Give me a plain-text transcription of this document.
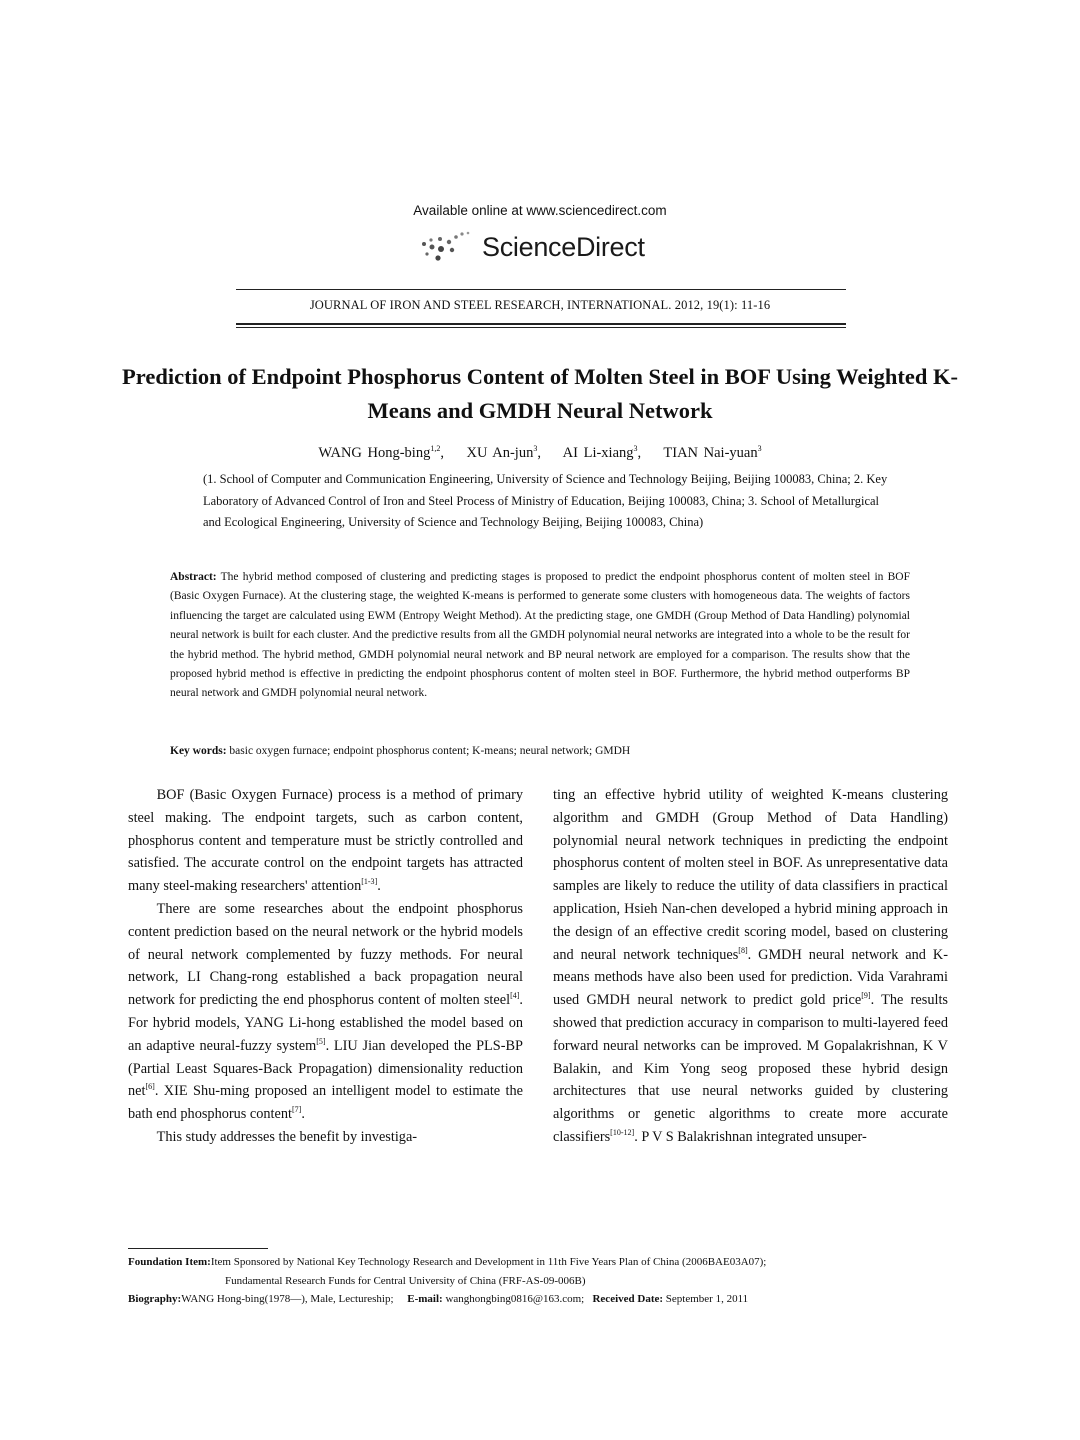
Available online at www.sciencedirect.com
ScienceDirect
JOURNAL OF IRON AND STEEL RESEARCH, INTERNATIONAL. 2012, 19(1): 11-16
Prediction of Endpoint Phosphorus Content of Molten Steel in BOF Using Weighted K-Means and GMDH Neural Network
WANG Hong-bing$^{1,2}$,    XU An-jun$^3$,    AI Li-xiang$^3$,    TIAN Nai-yuan$^3$
(1. School of Computer and Communication Engineering, University of Science and Technology Beijing, Beijing 100083, China; 2. Key Laboratory of Advanced Control of Iron and Steel Process of Ministry of Education, Beijing 100083, China; 3. School of Metallurgical and Ecological Engineering, University of Science and Technology Beijing, Beijing 100083, China)
Abstract: The hybrid method composed of clustering and predicting stages is proposed to predict the endpoint phosphorus content of molten steel in BOF (Basic Oxygen Furnace). At the clustering stage, the weighted K-means is performed to generate some clusters with homogeneous data. The weights of factors influencing the target are calculated using EWM (Entropy Weight Method). At the predicting stage, one GMDH (Group Method of Data Handling) polynomial neural network is built for each cluster. And the predictive results from all the GMDH polynomial neural networks are integrated into a whole to be the result for the hybrid method. The hybrid method, GMDH polynomial neural network and BP neural network are employed for a comparison. The results show that the proposed hybrid method is effective in predicting the endpoint phosphorus content of molten steel in BOF. Furthermore, the hybrid method outperforms BP neural network and GMDH polynomial neural network.
Key words: basic oxygen furnace; endpoint phosphorus content; K-means; neural network; GMDH

BOF (Basic Oxygen Furnace) process is a method of primary steel making. The endpoint targets, such as carbon content, phosphorus content and temperature must be strictly controlled and satisfied. The accurate control on the endpoint targets has attracted many steel-making researchers' attention[1-3].

There are some researches about the endpoint phosphorus content prediction based on the neural network or the hybrid models of neural network complemented by fuzzy methods. For neural network, LI Chang-rong established a back propagation neural network for predicting the end phosphorus content of molten steel[4]. For hybrid models, YANG Li-hong established the model based on an adaptive neural-fuzzy system[5]. LIU Jian developed the PLS-BP (Partial Least Squares-Back Propagation) dimensionality reduction net[6]. XIE Shu-ming proposed an intelligent model to estimate the bath end phosphorus content[7].

This study addresses the benefit by investiga-

ting an effective hybrid utility of weighted K-means clustering algorithm and GMDH (Group Method of Data Handling) polynomial neural network techniques in predicting the endpoint phosphorus content of molten steel in BOF. As unrepresentative data samples are likely to reduce the utility of data classifiers in practical application, Hsieh Nan-chen developed a hybrid mining approach in the design of an effective credit scoring model, based on clustering and neural network techniques[8]. GMDH neural network and K-means methods have also been used for prediction. Vida Varahrami used GMDH neural network to predict gold price[9]. The results showed that prediction accuracy in comparison to multi-layered feed forward neural networks can be improved. M Gopalakrishnan, K V Balakin, and Kim Yong seog proposed these hybrid design architectures that use neural networks guided by clustering algorithms or genetic algorithms to create more accurate classifiers[10-12]. P V S Balakrishnan integrated unsuper-

Foundation Item:Item Sponsored by National Key Technology Research and Development in 11th Five Years Plan of China (2006BAE03A07);
Fundamental Research Funds for Central University of China (FRF-AS-09-006B)
Biography:WANG Hong-bing(1978—), Male, Lectureship; E-mail: wanghongbing0816@163.com; Received Date: September 1, 2011
